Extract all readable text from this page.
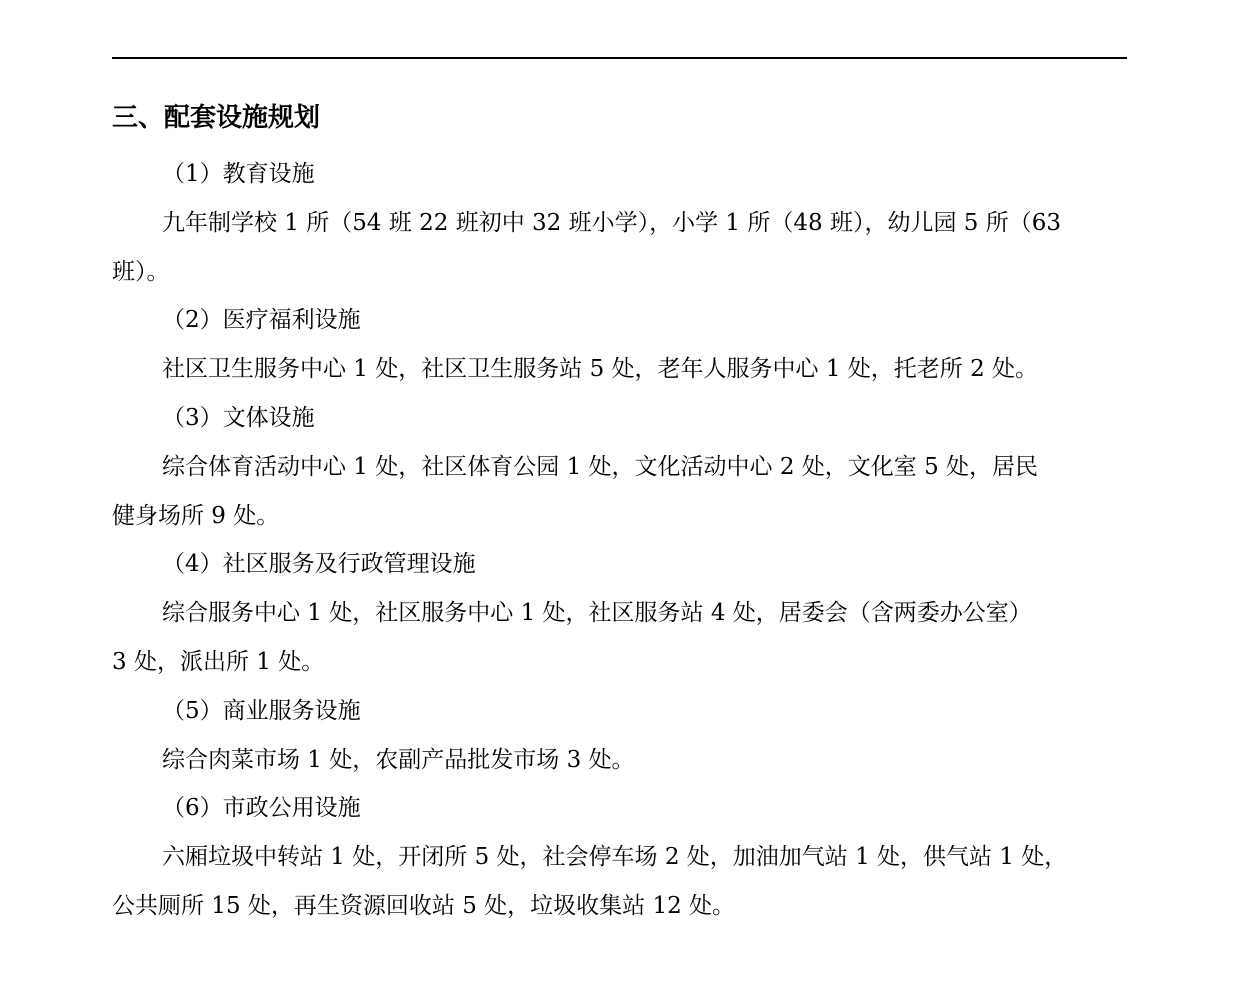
三、配套设施规划
（1）教育设施
九年制学校 1 所（54 班 22 班初中 32 班小学），小学 1 所（48 班），幼儿园 5 所（63
班）。
（2）医疗福利设施
社区卫生服务中心 1 处，社区卫生服务站 5 处，老年人服务中心 1 处，托老所 2 处。
（3）文体设施
综合体育活动中心 1 处，社区体育公园 1 处，文化活动中心 2 处，文化室 5 处，居民
健身场所 9 处。
（4）社区服务及行政管理设施
综合服务中心 1 处，社区服务中心 1 处，社区服务站 4 处，居委会（含两委办公室）
3 处，派出所 1 处。
（5）商业服务设施
综合肉菜市场 1 处，农副产品批发市场 3 处。
（6）市政公用设施
六厢垃圾中转站 1 处，开闭所 5 处，社会停车场 2 处，加油加气站 1 处，供气站 1 处，
公共厕所 15 处，再生资源回收站 5 处，垃圾收集站 12 处。
